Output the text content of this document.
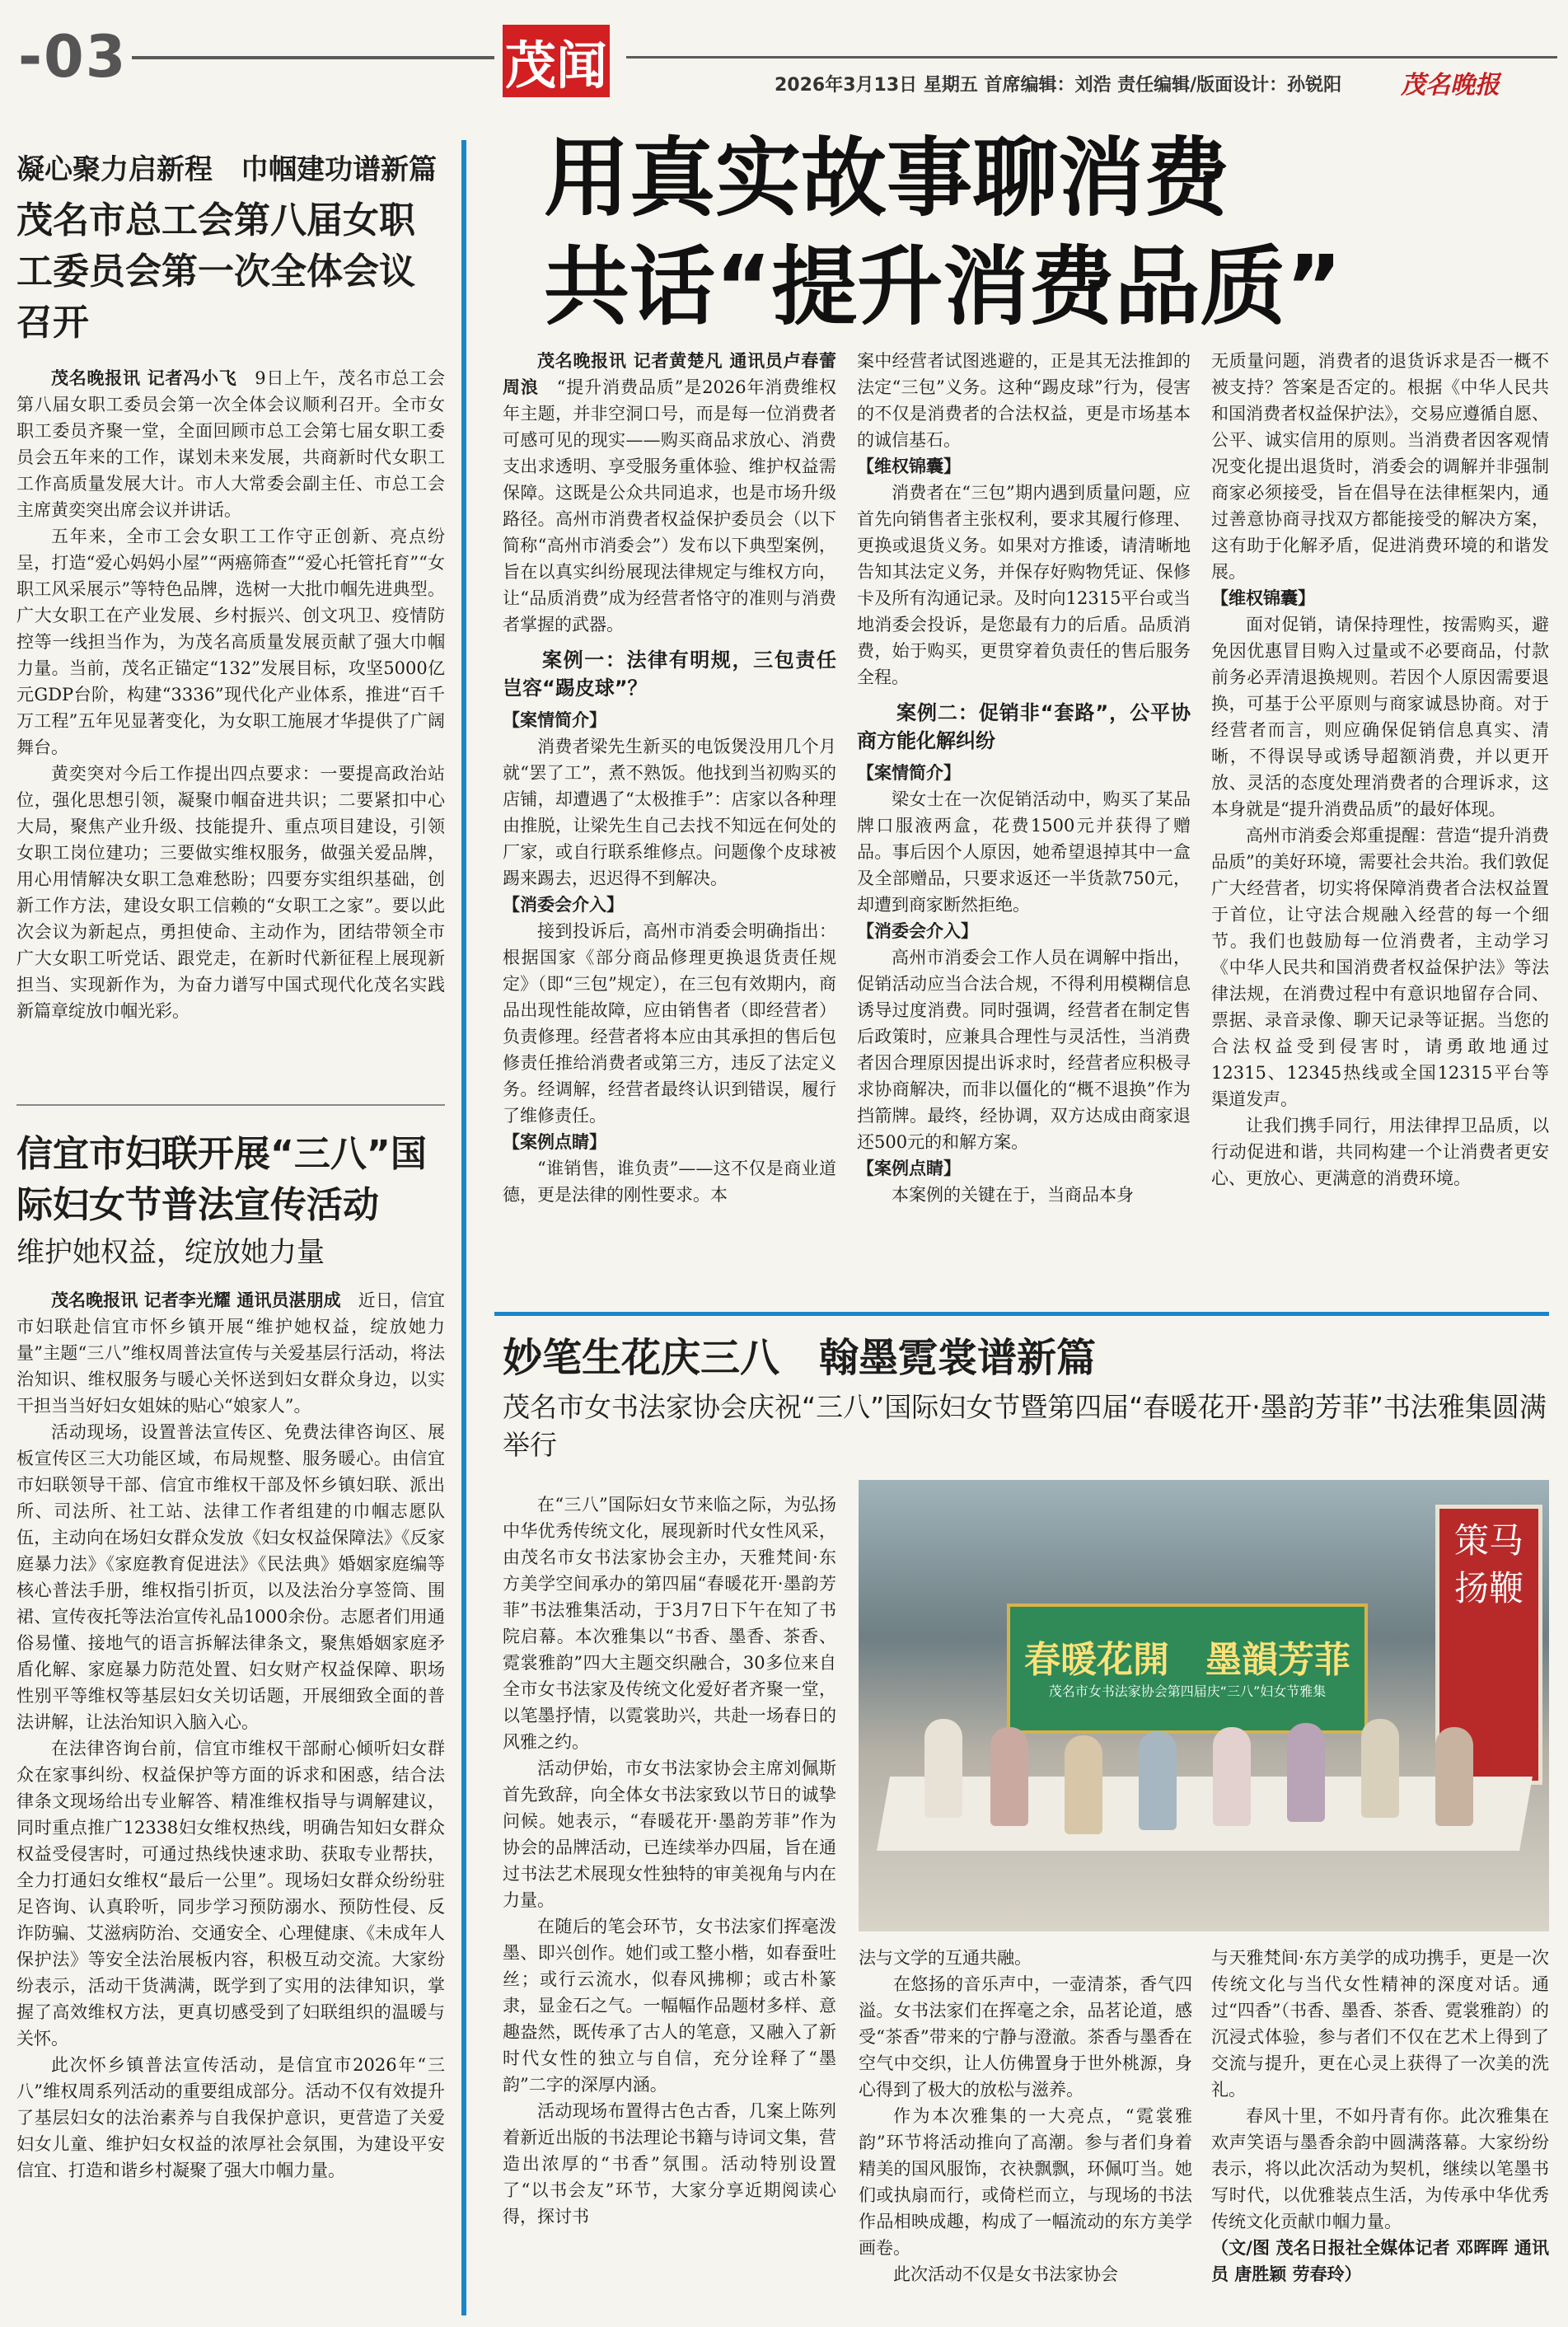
-03	茂闻	2026年3月13日 星期五 首席编辑：刘浩 责任编辑/版面设计：孙锐阳 茂名晚报
凝心聚力启新程　巾帼建功谱新篇
茂名市总工会第八届女职工委员会第一次全体会议召开

茂名晚报讯 记者冯小飞　 9日上午，茂名市总工会第八届女职工委员会第一次全体会议顺利召开。全市女职工委员齐聚一堂，全面回顾市总工会第七届女职工委员会五年来的工作，谋划未来发展，共商新时代女职工工作高质量发展大计。市人大常委会副主任、市总工会主席黄奕突出席会议并讲话。

五年来，全市工会女职工工作守正创新、亮点纷呈，打造“爱心妈妈小屋”“两癌筛查”“爱心托管托育”“女职工风采展示”等特色品牌，选树一大批巾帼先进典型。广大女职工在产业发展、乡村振兴、创文巩卫、疫情防控等一线担当作为，为茂名高质量发展贡献了强大巾帼力量。当前，茂名正锚定“132”发展目标，攻坚5000亿元GDP台阶，构建“3336”现代化产业体系，推进“百千万工程”五年见显著变化，为女职工施展才华提供了广阔舞台。

黄奕突对今后工作提出四点要求：一要提高政治站位，强化思想引领，凝聚巾帼奋进共识；二要紧扣中心大局，聚焦产业升级、技能提升、重点项目建设，引领女职工岗位建功；三要做实维权服务，做强关爱品牌，用心用情解决女职工急难愁盼；四要夯实组织基础，创新工作方法，建设女职工信赖的“女职工之家”。要以此次会议为新起点，勇担使命、主动作为，团结带领全市广大女职工听党话、跟党走，在新时代新征程上展现新担当、实现新作为，为奋力谱写中国式现代化茂名实践新篇章绽放巾帼光彩。

信宜市妇联开展“三八”国际妇女节普法宣传活动
维护她权益，绽放她力量

茂名晚报讯 记者李光耀 通讯员湛朋成　 近日，信宜市妇联赴信宜市怀乡镇开展“维护她权益，绽放她力量”主题“三八”维权周普法宣传与关爱基层行活动，将法治知识、维权服务与暖心关怀送到妇女群众身边，以实干担当当好妇女姐妹的贴心“娘家人”。

活动现场，设置普法宣传区、免费法律咨询区、展板宣传区三大功能区域，布局规整、服务暖心。由信宜市妇联领导干部、信宜市维权干部及怀乡镇妇联、派出所、司法所、社工站、法律工作者组建的巾帼志愿队伍，主动向在场妇女群众发放《妇女权益保障法》《反家庭暴力法》《家庭教育促进法》《民法典》婚姻家庭编等核心普法手册，维权指引折页，以及法治分享签筒、围裙、宣传夜托等法治宣传礼品1000余份。志愿者们用通俗易懂、接地气的语言拆解法律条文，聚焦婚姻家庭矛盾化解、家庭暴力防范处置、妇女财产权益保障、职场性别平等维权等基层妇女关切话题，开展细致全面的普法讲解，让法治知识入脑入心。

在法律咨询台前，信宜市维权干部耐心倾听妇女群众在家事纠纷、权益保护等方面的诉求和困惑，结合法律条文现场给出专业解答、精准维权指导与调解建议，同时重点推广12338妇女维权热线，明确告知妇女群众权益受侵害时，可通过热线快速求助、获取专业帮扶，全力打通妇女维权“最后一公里”。现场妇女群众纷纷驻足咨询、认真聆听，同步学习预防溺水、预防性侵、反诈防骗、艾滋病防治、交通安全、心理健康、《未成年人保护法》等安全法治展板内容，积极互动交流。大家纷纷表示，活动干货满满，既学到了实用的法律知识，掌握了高效维权方法，更真切感受到了妇联组织的温暖与关怀。

此次怀乡镇普法宣传活动，是信宜市2026年“三八”维权周系列活动的重要组成部分。活动不仅有效提升了基层妇女的法治素养与自我保护意识，更营造了关爱妇女儿童、维护妇女权益的浓厚社会氛围，为建设平安信宜、打造和谐乡村凝聚了强大巾帼力量。

用真实故事聊消费
共话“提升消费品质”

茂名晚报讯 记者黄楚凡 通讯员卢春蕾 周浪　 “提升消费品质”是2026年消费维权年主题，并非空洞口号，而是每一位消费者可感可见的现实——购买商品求放心、消费支出求透明、享受服务重体验、维护权益需保障。这既是公众共同追求，也是市场升级路径。高州市消费者权益保护委员会（以下简称“高州市消委会”）发布以下典型案例，旨在以真实纠纷展现法律规定与维权方向，让“品质消费”成为经营者恪守的准则与消费者掌握的武器。

案例一：法律有明规，三包责任岂容“踢皮球”？
【案情简介】

消费者梁先生新买的电饭煲没用几个月就“罢了工”，煮不熟饭。他找到当初购买的店铺，却遭遇了“太极推手”：店家以各种理由推脱，让梁先生自己去找不知远在何处的厂家，或自行联系维修点。问题像个皮球被踢来踢去，迟迟得不到解决。

【消委会介入】

接到投诉后，高州市消委会明确指出：根据国家《部分商品修理更换退货责任规定》（即“三包”规定），在三包有效期内，商品出现性能故障，应由销售者（即经营者）负责修理。经营者将本应由其承担的售后包修责任推给消费者或第三方，违反了法定义务。经调解，经营者最终认识到错误，履行了维修责任。

【案例点睛】

“谁销售，谁负责”——这不仅是商业道德，更是法律的刚性要求。本

案中经营者试图逃避的，正是其无法推卸的法定“三包”义务。这种“踢皮球”行为，侵害的不仅是消费者的合法权益，更是市场基本的诚信基石。

【维权锦囊】

消费者在“三包”期内遇到质量问题，应首先向销售者主张权利，要求其履行修理、更换或退货义务。如果对方推诿，请清晰地告知其法定义务，并保存好购物凭证、保修卡及所有沟通记录。及时向12315平台或当地消委会投诉，是您最有力的后盾。品质消费，始于购买，更贯穿着负责任的售后服务全程。

案例二：促销非“套路”，公平协商方能化解纠纷
【案情简介】

梁女士在一次促销活动中，购买了某品牌口服液两盒，花费1500元并获得了赠品。事后因个人原因，她希望退掉其中一盒及全部赠品，只要求返还一半货款750元，却遭到商家断然拒绝。

【消委会介入】

高州市消委会工作人员在调解中指出，促销活动应当合法合规，不得利用模糊信息诱导过度消费。同时强调，经营者在制定售后政策时，应兼具合理性与灵活性，当消费者因合理原因提出诉求时，经营者应积极寻求协商解决，而非以僵化的“概不退换”作为挡箭牌。最终，经协调，双方达成由商家退还500元的和解方案。

【案例点睛】

本案例的关键在于，当商品本身

无质量问题，消费者的退货诉求是否一概不被支持？答案是否定的。根据《中华人民共和国消费者权益保护法》，交易应遵循自愿、公平、诚实信用的原则。当消费者因客观情况变化提出退货时，消委会的调解并非强制商家必须接受，旨在倡导在法律框架内，通过善意协商寻找双方都能接受的解决方案，这有助于化解矛盾，促进消费环境的和谐发展。

【维权锦囊】

面对促销，请保持理性，按需购买，避免因优惠冒目购入过量或不必要商品，付款前务必弄清退换规则。若因个人原因需要退换，可基于公平原则与商家诚恳协商。对于经营者而言，则应确保促销信息真实、清晰，不得误导或诱导超额消费，并以更开放、灵活的态度处理消费者的合理诉求，这本身就是“提升消费品质”的最好体现。

高州市消委会郑重提醒：营造“提升消费品质”的美好环境，需要社会共治。我们敦促广大经营者，切实将保障消费者合法权益置于首位，让守法合规融入经营的每一个细节。我们也鼓励每一位消费者，主动学习《中华人民共和国消费者权益保护法》等法律法规，在消费过程中有意识地留存合同、票据、录音录像、聊天记录等证据。当您的合法权益受到侵害时，请勇敢地通过12315、12345热线或全国12315平台等渠道发声。

让我们携手同行，用法律捍卫品质，以行动促进和谐，共同构建一个让消费者更安心、更放心、更满意的消费环境。

妙笔生花庆三八　翰墨霓裳谱新篇
茂名市女书法家协会庆祝“三八”国际妇女节暨第四届“春暖花开·墨韵芳菲”书法雅集圆满举行

在“三八”国际妇女节来临之际，为弘扬中华优秀传统文化，展现新时代女性风采，由茂名市女书法家协会主办，天雅梵间·东方美学空间承办的第四届“春暖花开·墨韵芳菲”书法雅集活动，于3月7日下午在知了书院启幕。本次雅集以“书香、墨香、茶香、霓裳雅韵”四大主题交织融合，30多位来自全市女书法家及传统文化爱好者齐聚一堂，以笔墨抒情，以霓裳助兴，共赴一场春日的风雅之约。

活动伊始，市女书法家协会主席刘佩斯首先致辞，向全体女书法家致以节日的诚挚问候。她表示，“春暖花开·墨韵芳菲”作为协会的品牌活动，已连续举办四届，旨在通过书法艺术展现女性独特的审美视角与内在力量。

在随后的笔会环节，女书法家们挥毫泼墨、即兴创作。她们或工整小楷，如春蚕吐丝；或行云流水，似春风拂柳；或古朴篆隶，显金石之气。一幅幅作品题材多样、意趣盎然，既传承了古人的笔意，又融入了新时代女性的独立与自信，充分诠释了“墨韵”二字的深厚内涵。

活动现场布置得古色古香，几案上陈列着新近出版的书法理论书籍与诗词文集，营造出浓厚的“书香”氛围。活动特别设置了“以书会友”环节，大家分享近期阅读心得，探讨书

春暖花開　墨韻芳菲
茂名市女书法家协会第四届庆“三八”妇女节雅集
策马扬鞭

法与文学的互通共融。

在悠扬的音乐声中，一壶清茶，香气四溢。女书法家们在挥毫之余，品茗论道，感受“茶香”带来的宁静与澄澈。茶香与墨香在空气中交织，让人仿佛置身于世外桃源，身心得到了极大的放松与滋养。

作为本次雅集的一大亮点，“霓裳雅韵”环节将活动推向了高潮。参与者们身着精美的国风服饰，衣袂飘飘，环佩叮当。她们或执扇而行，或倚栏而立，与现场的书法作品相映成趣，构成了一幅流动的东方美学画卷。

此次活动不仅是女书法家协会

与天雅梵间·东方美学的成功携手，更是一次传统文化与当代女性精神的深度对话。通过“四香”（书香、墨香、茶香、霓裳雅韵）的沉浸式体验，参与者们不仅在艺术上得到了交流与提升，更在心灵上获得了一次美的洗礼。

春风十里，不如丹青有你。此次雅集在欢声笑语与墨香余韵中圆满落幕。大家纷纷表示，将以此次活动为契机，继续以笔墨书写时代，以优雅装点生活，为传承中华优秀传统文化贡献巾帼力量。

（文/图 茂名日报社全媒体记者 邓晖晖 通讯员 唐胜颖 劳春玲）
